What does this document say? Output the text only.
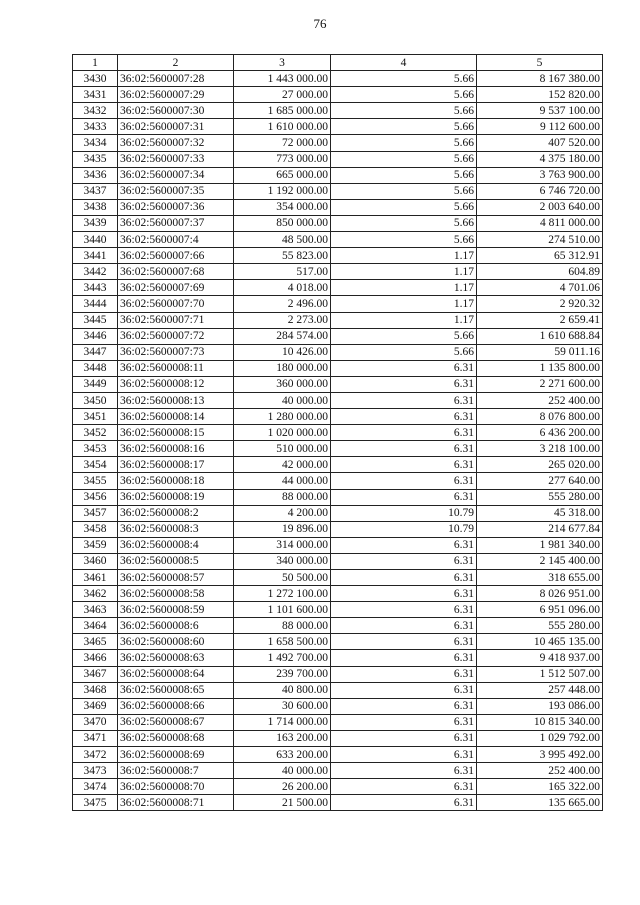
76
1	2	3	4	5
3430	36:02:5600007:28	1 443 000.00	5.66	8 167 380.00
3431	36:02:5600007:29	27 000.00	5.66	152 820.00
3432	36:02:5600007:30	1 685 000.00	5.66	9 537 100.00
3433	36:02:5600007:31	1 610 000.00	5.66	9 112 600.00
3434	36:02:5600007:32	72 000.00	5.66	407 520.00
3435	36:02:5600007:33	773 000.00	5.66	4 375 180.00
3436	36:02:5600007:34	665 000.00	5.66	3 763 900.00
3437	36:02:5600007:35	1 192 000.00	5.66	6 746 720.00
3438	36:02:5600007:36	354 000.00	5.66	2 003 640.00
3439	36:02:5600007:37	850 000.00	5.66	4 811 000.00
3440	36:02:5600007:4	48 500.00	5.66	274 510.00
3441	36:02:5600007:66	55 823.00	1.17	65 312.91
3442	36:02:5600007:68	517.00	1.17	604.89
3443	36:02:5600007:69	4 018.00	1.17	4 701.06
3444	36:02:5600007:70	2 496.00	1.17	2 920.32
3445	36:02:5600007:71	2 273.00	1.17	2 659.41
3446	36:02:5600007:72	284 574.00	5.66	1 610 688.84
3447	36:02:5600007:73	10 426.00	5.66	59 011.16
3448	36:02:5600008:11	180 000.00	6.31	1 135 800.00
3449	36:02:5600008:12	360 000.00	6.31	2 271 600.00
3450	36:02:5600008:13	40 000.00	6.31	252 400.00
3451	36:02:5600008:14	1 280 000.00	6.31	8 076 800.00
3452	36:02:5600008:15	1 020 000.00	6.31	6 436 200.00
3453	36:02:5600008:16	510 000.00	6.31	3 218 100.00
3454	36:02:5600008:17	42 000.00	6.31	265 020.00
3455	36:02:5600008:18	44 000.00	6.31	277 640.00
3456	36:02:5600008:19	88 000.00	6.31	555 280.00
3457	36:02:5600008:2	4 200.00	10.79	45 318.00
3458	36:02:5600008:3	19 896.00	10.79	214 677.84
3459	36:02:5600008:4	314 000.00	6.31	1 981 340.00
3460	36:02:5600008:5	340 000.00	6.31	2 145 400.00
3461	36:02:5600008:57	50 500.00	6.31	318 655.00
3462	36:02:5600008:58	1 272 100.00	6.31	8 026 951.00
3463	36:02:5600008:59	1 101 600.00	6.31	6 951 096.00
3464	36:02:5600008:6	88 000.00	6.31	555 280.00
3465	36:02:5600008:60	1 658 500.00	6.31	10 465 135.00
3466	36:02:5600008:63	1 492 700.00	6.31	9 418 937.00
3467	36:02:5600008:64	239 700.00	6.31	1 512 507.00
3468	36:02:5600008:65	40 800.00	6.31	257 448.00
3469	36:02:5600008:66	30 600.00	6.31	193 086.00
3470	36:02:5600008:67	1 714 000.00	6.31	10 815 340.00
3471	36:02:5600008:68	163 200.00	6.31	1 029 792.00
3472	36:02:5600008:69	633 200.00	6.31	3 995 492.00
3473	36:02:5600008:7	40 000.00	6.31	252 400.00
3474	36:02:5600008:70	26 200.00	6.31	165 322.00
3475	36:02:5600008:71	21 500.00	6.31	135 665.00
